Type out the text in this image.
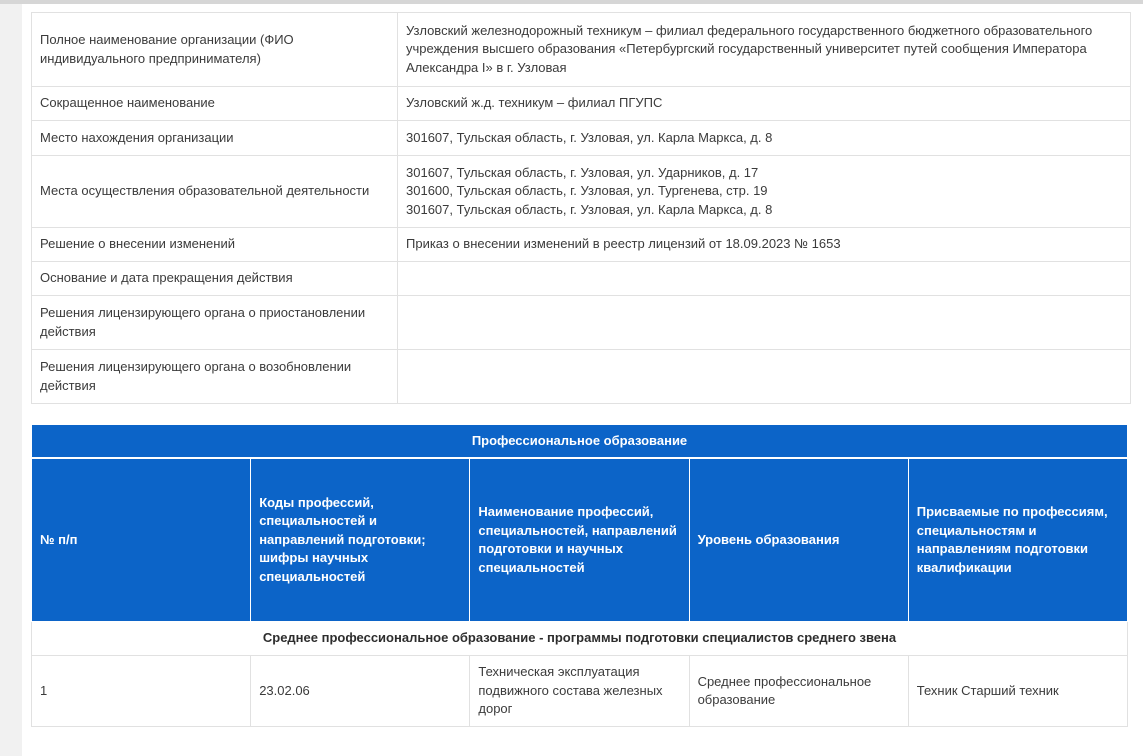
Полное наименование организации (ФИО индивидуального предпринимателя)	Узловский железнодорожный техникум – филиал федерального государственного бюджетного образовательного учреждения высшего образования «Петербургский государственный университет путей сообщения Императора Александра I» в г. Узловая
Сокращенное наименование	Узловский ж.д. техникум – филиал ПГУПС
Место нахождения организации	301607, Тульская область, г. Узловая, ул. Карла Маркса, д. 8
Места осуществления образовательной деятельности	301607, Тульская область, г. Узловая, ул. Ударников, д. 17
301600, Тульская область, г. Узловая, ул. Тургенева, стр. 19
301607, Тульская область, г. Узловая, ул. Карла Маркса, д. 8

Решение о внесении изменений	Приказ о внесении изменений в реестр лицензий от 18.09.2023 № 1653
Основание и дата прекращения действия	
Решения лицензирующего органа о приостановлении действия	
Решения лицензирующего органа о возобновлении действия	
Профессиональное образование				
№ п/п	Коды профессий, специальностей и направлений подготовки; шифры научных специальностей	Наименование профессий, специальностей, направлений подготовки и научных специальностей	Уровень образования	Присваемые по профессиям, специальностям и направлениям подготовки квалификации
Среднее профессиональное образование - программы подготовки специалистов среднего звена				
1	23.02.06	Техническая эксплуатация подвижного состава железных дорог	Среднее профессиональное образование	Техник Старший техник
